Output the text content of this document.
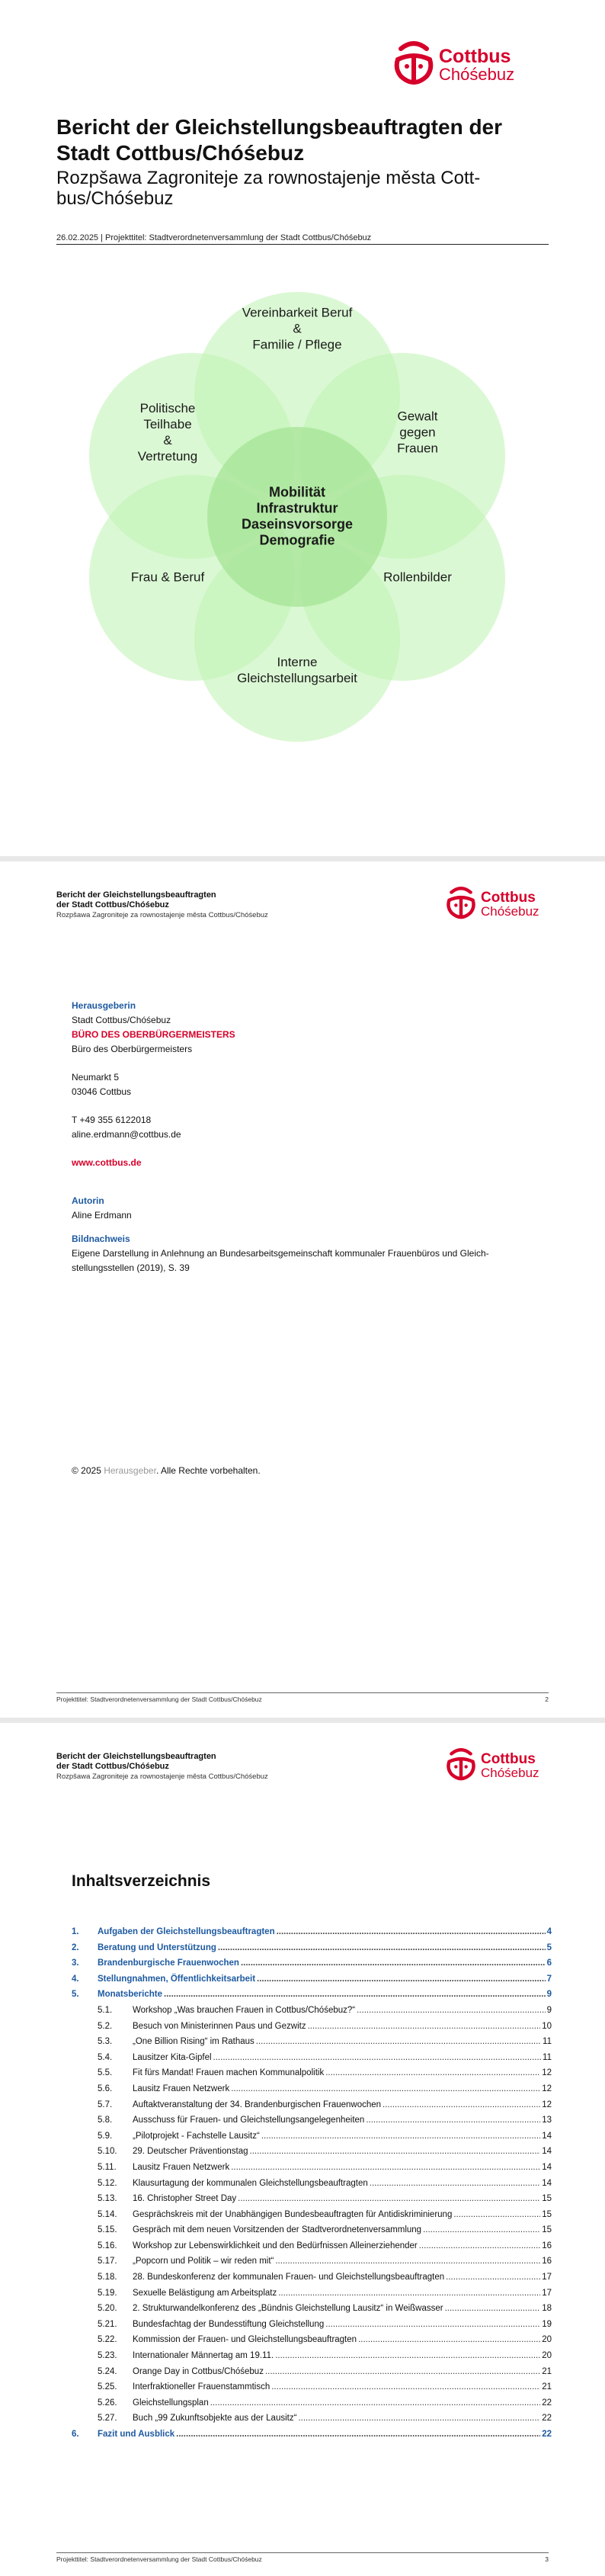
Cottbus
Chóśebuz
Bericht der Gleichstellungsbeauftragten der Stadt Cottbus/Chóśebuz
Rozpšawa Zagronitejе za rownostajenje města Cott-bus/Chóśebuz
26.02.2025 | Projekttitel: Stadtverordnetenversammlung der Stadt Cottbus/Chóśebuz
Vereinbarkeit Beruf
&
Familie / Pflege
Gewalt
gegen
Frauen
Rollenbilder
Interne
Gleichstellungsarbeit
Frau & Beruf
Politische
Teilhabe
&
Vertretung
Mobilität
Infrastruktur
Daseinsvorsorge
Demografie
Bericht der Gleichstellungsbeauftragten
der Stadt Cottbus/Chóśebuz
Rozpšawa Zagronitejе za rownostajenje města Cottbus/Chóśebuz
Cottbus
Chóśebuz
Herausgeberin
Stadt Cottbus/Chóśebuz
BÜRO DES OBERBÜRGERMEISTERS
Büro des Oberbürgermeisters
Neumarkt 5
03046 Cottbus
T +49 355 6122018
aline.erdmann@cottbus.de
www.cottbus.de
Autorin
Aline Erdmann
Bildnachweis
Eigene Darstellung in Anlehnung an Bundesarbeitsgemeinschaft kommunaler Frauenbüros und Gleich-stellungsstellen (2019), S. 39
© 2025 Herausgeber. Alle Rechte vorbehalten.
Projekttitel: Stadtverordnetenversammlung der Stadt Cottbus/Chóśebuz	2
Bericht der Gleichstellungsbeauftragten
der Stadt Cottbus/Chóśebuz
Rozpšawa Zagronitejе za rownostajenje města Cottbus/Chóśebuz
Cottbus
Chóśebuz
Inhaltsverzeichnis
1.	Aufgaben der Gleichstellungsbeauftragten .....	4
2.	Beratung und Unterstützung .....	5
3.	Brandenburgische Frauenwochen .....	6
4.	Stellungnahmen, Öffentlichkeitsarbeit .....	7
5.	Monatsberichte .....	9
5.1.	Workshop „Was brauchen Frauen in Cottbus/Chóśebuz?“ .....	9
5.2.	Besuch von Ministerinnen Paus und Gezwitz .....	10
5.3.	„One Billion Rising“ im Rathaus .....	11
5.4.	Lausitzer Kita-Gipfel .....	11
5.5.	Fit fürs Mandat! Frauen machen Kommunalpolitik .....	12
5.6.	Lausitz Frauen Netzwerk .....	12
5.7.	Auftaktveranstaltung der 34. Brandenburgischen Frauenwochen .....	12
5.8.	Ausschuss für Frauen- und Gleichstellungsangelegenheiten .....	13
5.9.	„Pilotprojekt - Fachstelle Lausitz“ .....	14
5.10.	29. Deutscher Präventionstag .....	14
5.11.	Lausitz Frauen Netzwerk .....	14
5.12.	Klausurtagung der kommunalen Gleichstellungsbeauftragten .....	14
5.13.	16. Christopher Street Day .....	15
5.14.	Gesprächskreis mit der Unabhängigen Bundesbeauftragten für Antidiskriminierung .....	15
5.15.	Gespräch mit dem neuen Vorsitzenden der Stadtverordnetenversammlung .....	15
5.16.	Workshop zur Lebenswirklichkeit und den Bedürfnissen Alleinerziehender .....	16
5.17.	„Popcorn und Politik – wir reden mit“ .....	16
5.18.	28. Bundeskonferenz der kommunalen Frauen- und Gleichstellungsbeauftragten .....	17
5.19.	Sexuelle Belästigung am Arbeitsplatz .....	17
5.20.	2. Strukturwandelkonferenz des „Bündnis Gleichstellung Lausitz“ in Weißwasser .....	18
5.21.	Bundesfachtag der Bundesstiftung Gleichstellung .....	19
5.22.	Kommission der Frauen- und Gleichstellungsbeauftragten .....	20
5.23.	Internationaler Männertag am 19.11. .....	20
5.24.	Orange Day in Cottbus/Chóśebuz .....	21
5.25.	Interfraktioneller Frauenstammtisch .....	21
5.26.	Gleichstellungsplan .....	22
5.27.	Buch „99 Zukunftsobjekte aus der Lausitz“ .....	22
6.	Fazit und Ausblick .....	22
Projekttitel: Stadtverordnetenversammlung der Stadt Cottbus/Chóśebuz	3
